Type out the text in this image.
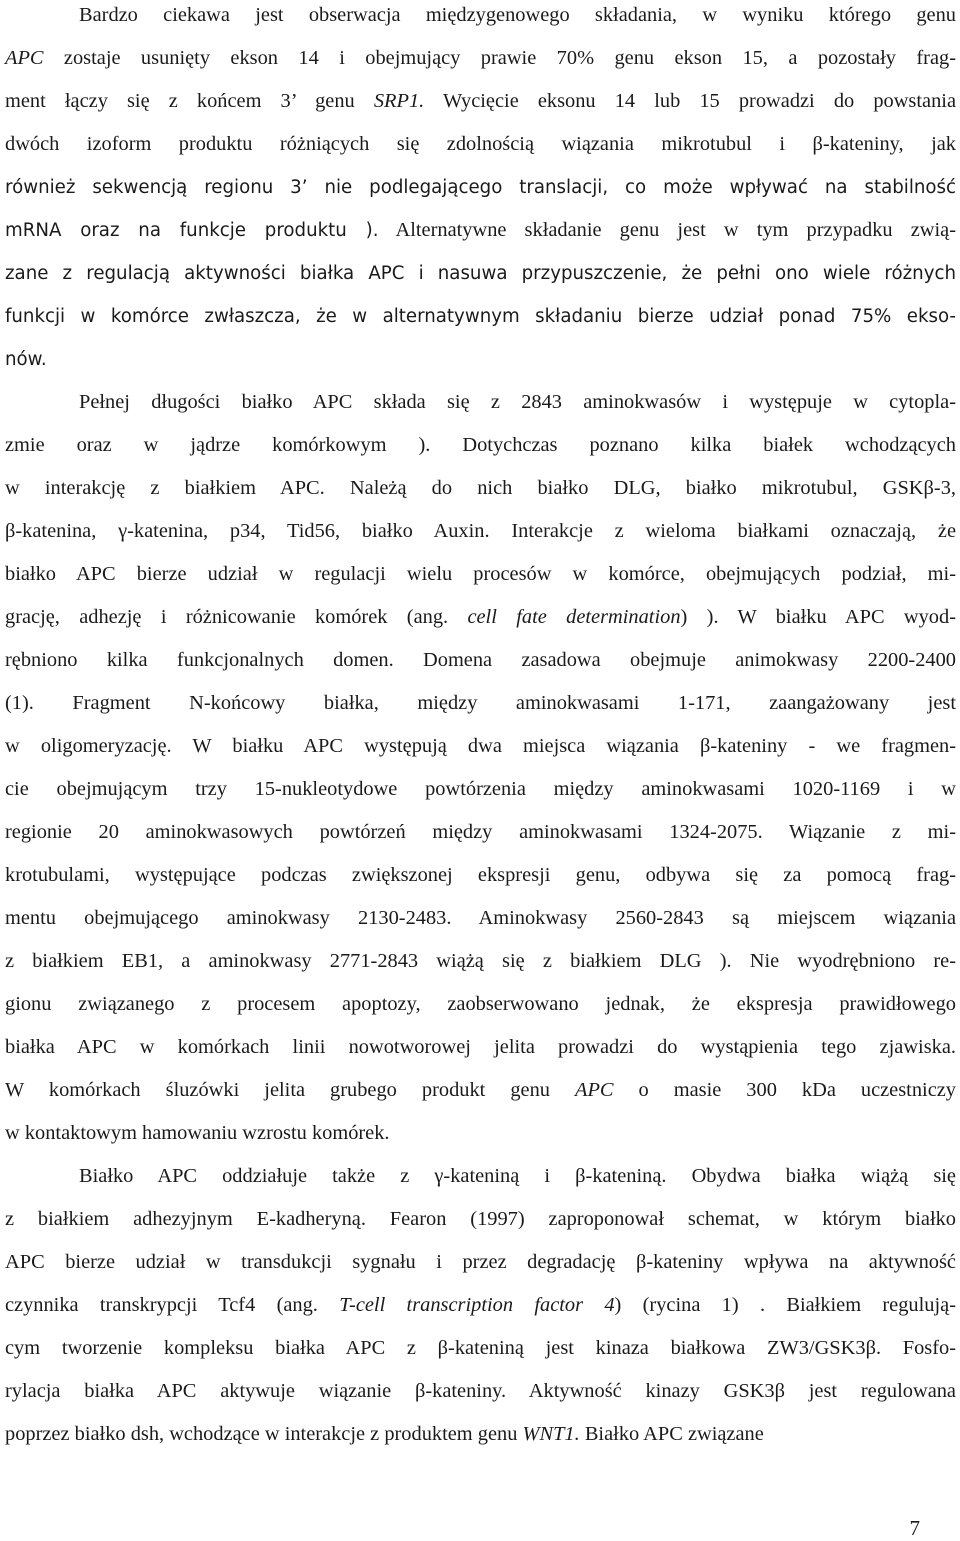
Bardzo ciekawa jest obserwacja międzygenowego składania, w wyniku którego genu
APC zostaje usunięty ekson 14 i obejmujący prawie 70% genu ekson 15, a pozostały frag-
ment łączy się z końcem 3’ genu SRP1. Wycięcie eksonu 14 lub 15 prowadzi do powstania
dwóch izoform produktu różniących się zdolnością wiązania mikrotubul i β-kateniny, jak
również sekwencją regionu 3’ nie podlegającego translacji, co może wpływać na stabilność
mRNA oraz na funkcje produktu ). Alternatywne składanie genu jest w tym przypadku zwią-
zane z regulacją aktywności białka APC i nasuwa przypuszczenie, że pełni ono wiele różnych
funkcji w komórce zwłaszcza, że w alternatywnym składaniu bierze udział ponad 75% ekso-
nów.
Pełnej długości białko APC składa się z 2843 aminokwasów i występuje w cytopla-
zmie oraz w jądrze komórkowym ). Dotychczas poznano kilka białek wchodzących
w interakcję z białkiem APC. Należą do nich białko DLG, białko mikrotubul, GSKβ-3,
β-katenina, γ-katenina, p34, Tid56, białko Auxin. Interakcje z wieloma białkami oznaczają, że
białko APC bierze udział w regulacji wielu procesów w komórce, obejmujących podział, mi-
grację, adhezję i różnicowanie komórek (ang. cell fate determination) ). W białku APC wyod-
rębniono kilka funkcjonalnych domen. Domena zasadowa obejmuje animokwasy 2200-2400
(1). Fragment N-końcowy białka, między aminokwasami 1-171, zaangażowany jest
w oligomeryzację. W białku APC występują dwa miejsca wiązania β-kateniny - we fragmen-
cie obejmującym trzy 15-nukleotydowe powtórzenia między aminokwasami 1020-1169 i w
regionie 20 aminokwasowych powtórzeń między aminokwasami 1324-2075. Wiązanie z mi-
krotubulami, występujące podczas zwiększonej ekspresji genu, odbywa się za pomocą frag-
mentu obejmującego aminokwasy 2130-2483. Aminokwasy 2560-2843 są miejscem wiązania
z białkiem EB1, a aminokwasy 2771-2843 wiążą się z białkiem DLG ). Nie wyodrębniono re-
gionu związanego z procesem apoptozy, zaobserwowano jednak, że ekspresja prawidłowego
białka APC w komórkach linii nowotworowej jelita prowadzi do wystąpienia tego zjawiska.
W komórkach śluzówki jelita grubego produkt genu APC o masie 300 kDa uczestniczy
w kontaktowym hamowaniu wzrostu komórek.
Białko APC oddziałuje także z γ-kateniną i β-kateniną. Obydwa białka wiążą się
z białkiem adhezyjnym E-kadheryną. Fearon (1997) zaproponował schemat, w którym białko
APC bierze udział w transdukcji sygnału i przez degradację β-kateniny wpływa na aktywność
czynnika transkrypcji Tcf4 (ang. T-cell transcription factor 4) (rycina 1) . Białkiem regulują-
cym tworzenie kompleksu białka APC z β-kateniną jest kinaza białkowa ZW3/GSK3β. Fosfo-
rylacja białka APC aktywuje wiązanie β-kateniny. Aktywność kinazy GSK3β jest regulowana
poprzez białko dsh, wchodzące w interakcje z produktem genu WNT1. Białko APC związane
7
